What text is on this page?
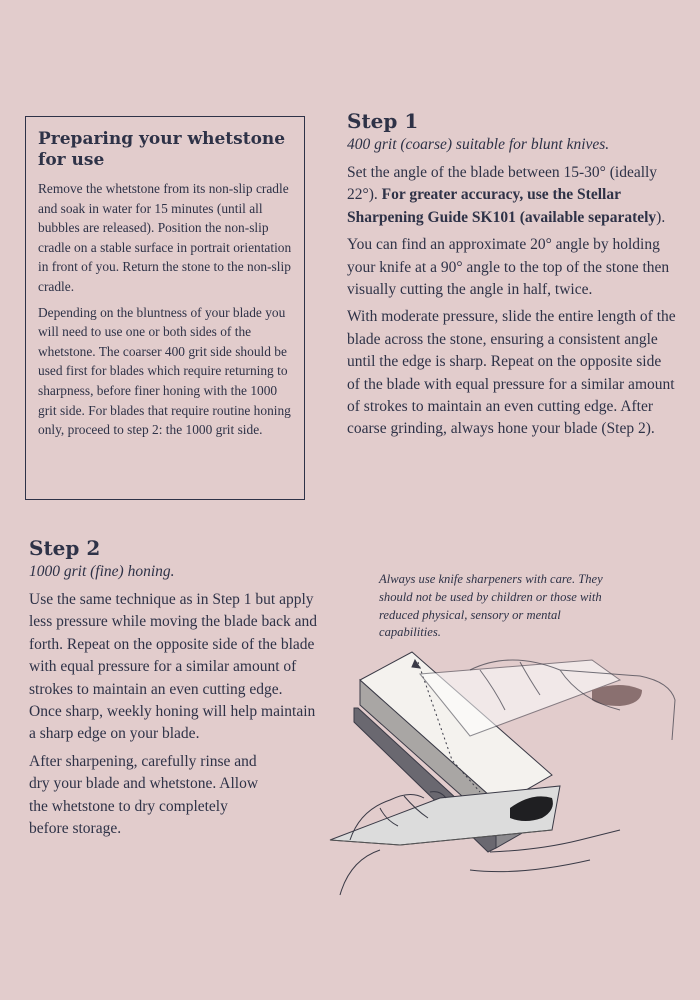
Preparing your whetstone for use

Remove the whetstone from its non-slip cradle and soak in water for 15 minutes (until all bubbles are released). Position the non-slip cradle on a stable surface in portrait orientation in front of you. Return the stone to the non-slip cradle.

Depending on the bluntness of your blade you will need to use one or both sides of the whetstone. The coarser 400 grit side should be used first for blades which require returning to sharpness, before finer honing with the 1000 grit side. For blades that require routine honing only, proceed to step 2: the 1000 grit side.

Step 1
400 grit (coarse) suitable for blunt knives.

Set the angle of the blade between 15-30° (ideally 22°). For greater accuracy, use the Stellar Sharpening Guide SK101 (available separately).

You can find an approximate 20° angle by holding your knife at a 90° angle to the top of the stone then visually cutting the angle in half, twice.

With moderate pressure, slide the entire length of the blade across the stone, ensuring a consistent angle until the edge is sharp. Repeat on the opposite side of the blade with equal pressure for a similar amount of strokes to maintain an even cutting edge. After coarse grinding, always hone your blade (Step 2).

Step 2
1000 grit (fine) honing.

Use the same technique as in Step 1 but apply less pressure while moving the blade back and forth. Repeat on the opposite side of the blade with equal pressure for a similar amount of strokes to maintain an even cutting edge. Once sharp, weekly honing will help maintain a sharp edge on your blade.

After sharpening, carefully rinse and dry your blade and whetstone. Allow the whetstone to dry completely before storage.

Always use knife sharpeners with care. They should not be used by children or those with reduced physical, sensory or mental capabilities.
